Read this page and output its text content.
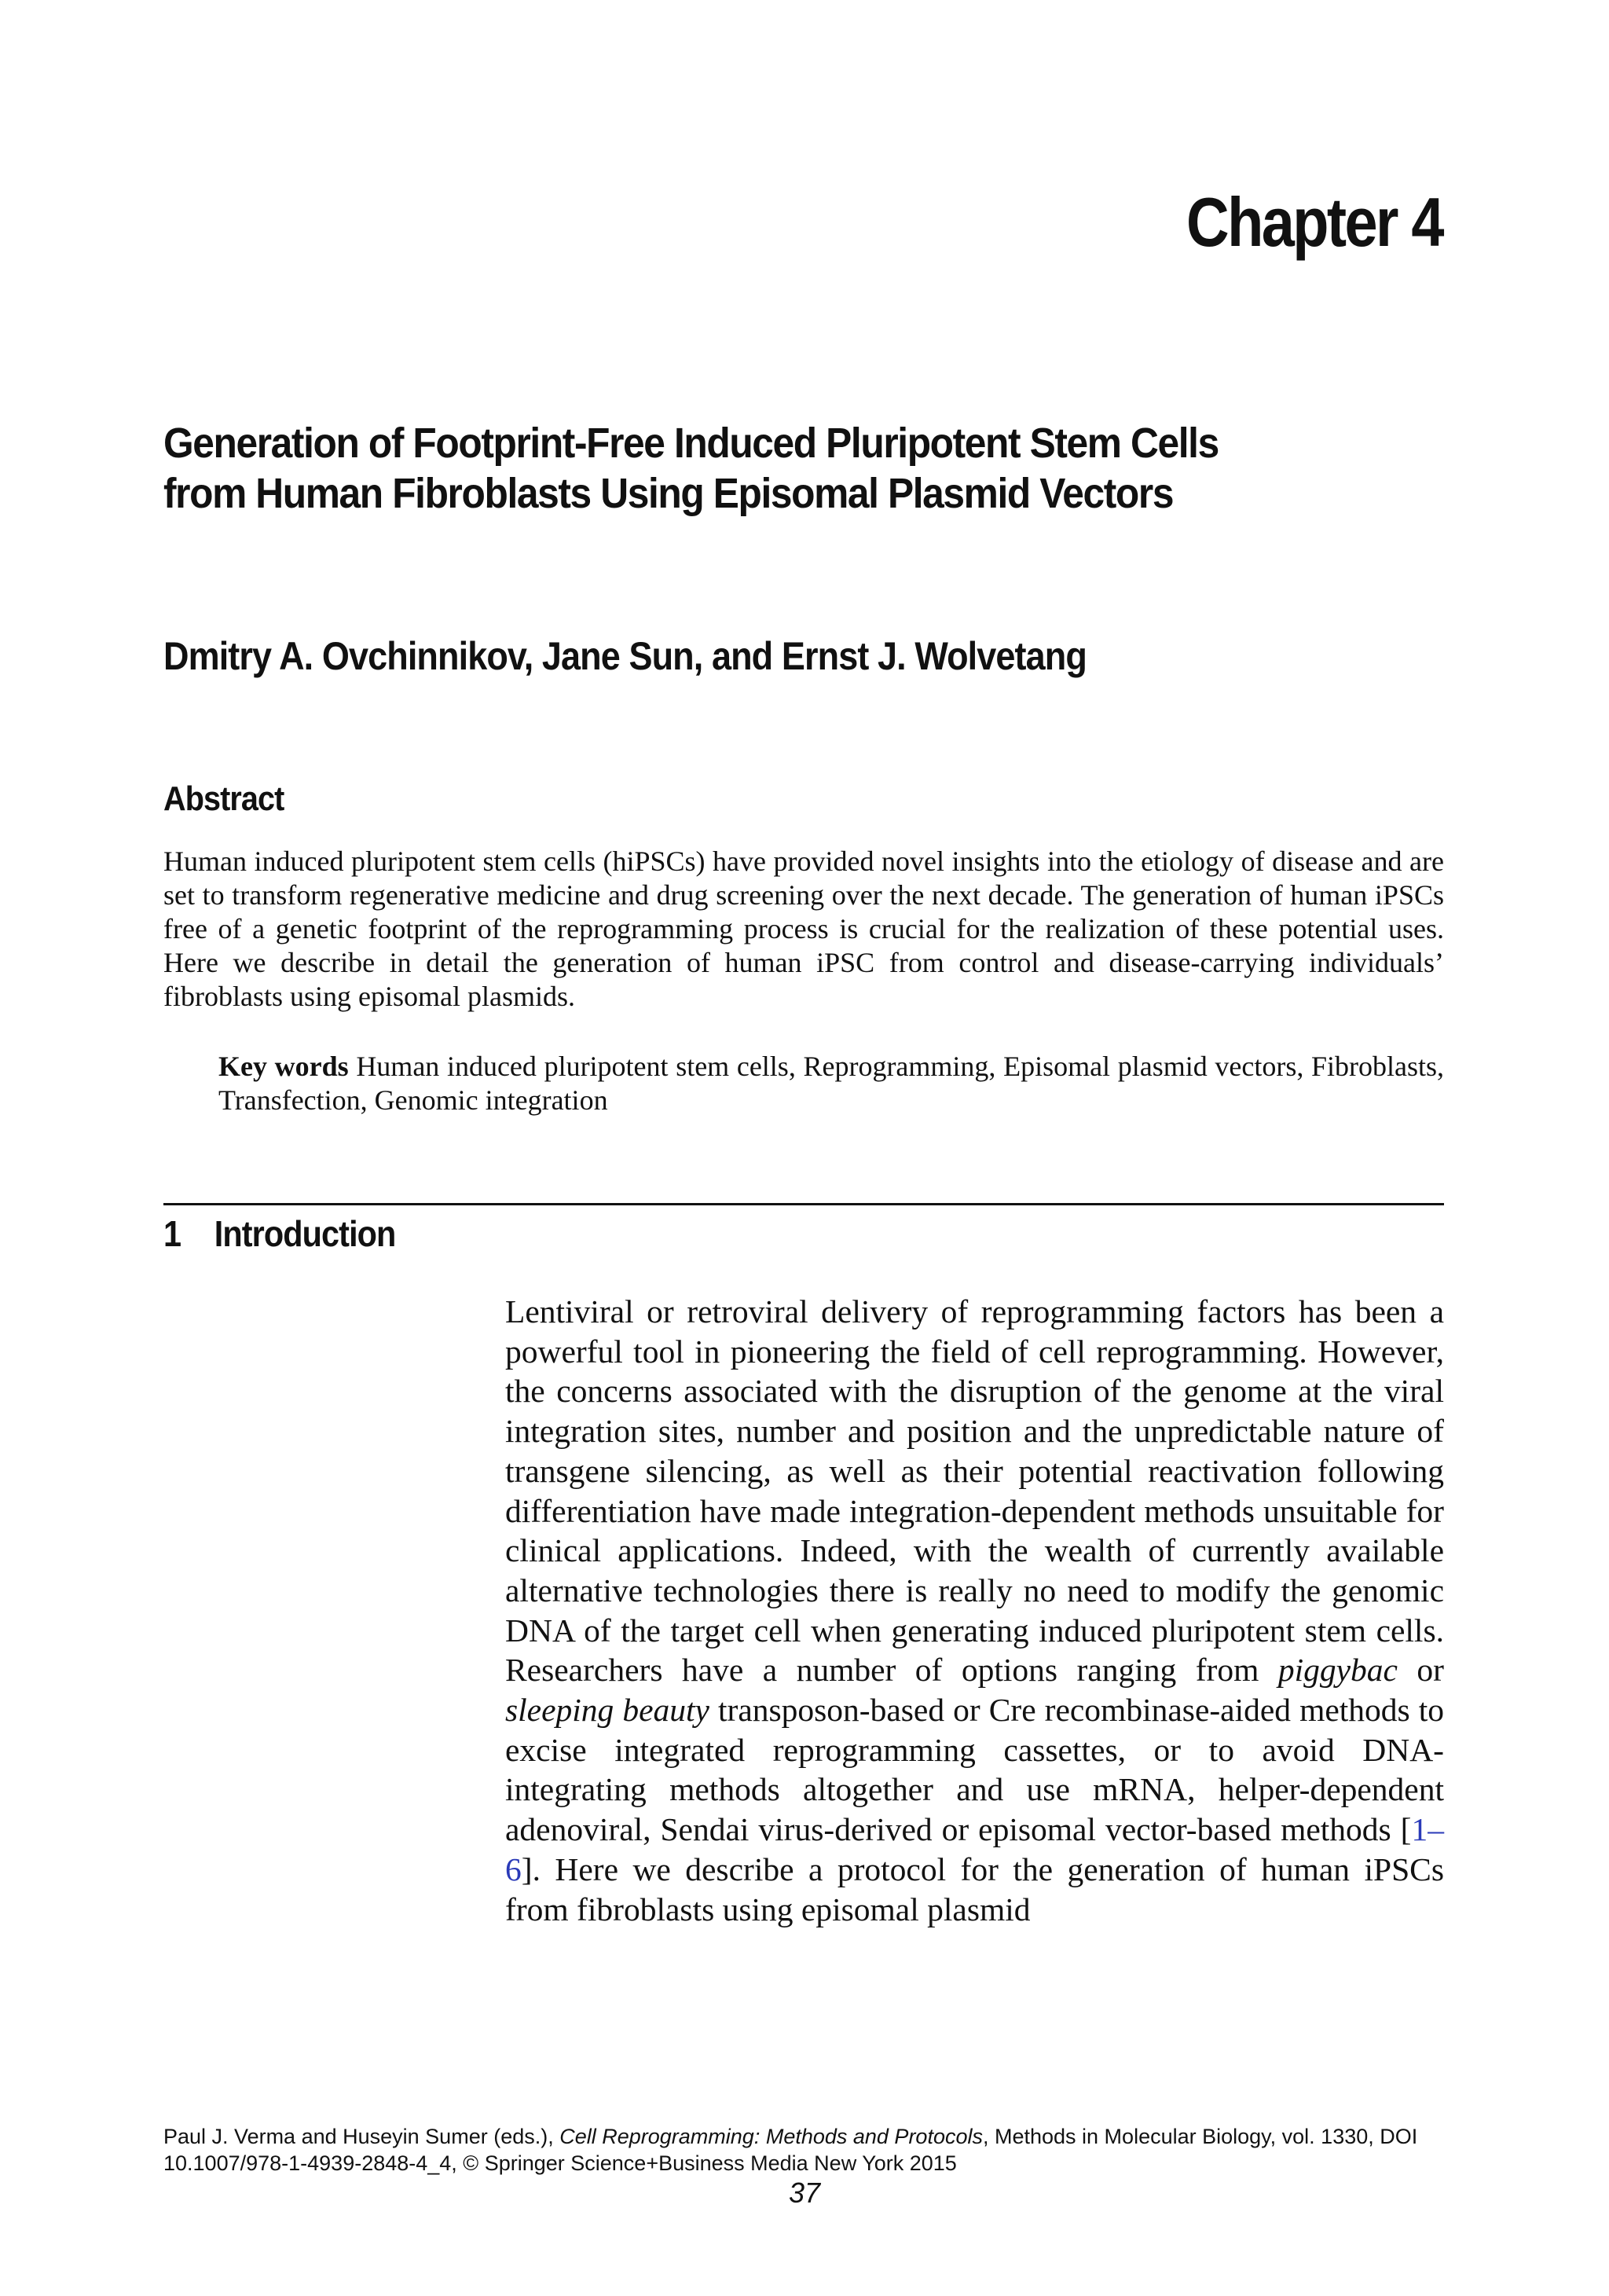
Chapter 4
Generation of Footprint-Free Induced Pluripotent Stem Cells from Human Fibroblasts Using Episomal Plasmid Vectors
Dmitry A. Ovchinnikov, Jane Sun, and Ernst J. Wolvetang
Abstract

Human induced pluripotent stem cells (hiPSCs) have provided novel insights into the etiology of disease and are set to transform regenerative medicine and drug screening over the next decade. The generation of human iPSCs free of a genetic footprint of the reprogramming process is crucial for the realization of these potential uses. Here we describe in detail the generation of human iPSC from control and disease-carrying individuals’ fibroblasts using episomal plasmids.

Key words Human induced pluripotent stem cells, Reprogramming, Episomal plasmid vectors, Fibroblasts, Transfection, Genomic integration

1 Introduction

Lentiviral or retroviral delivery of reprogramming factors has been a powerful tool in pioneering the field of cell reprogramming. However, the concerns associated with the disruption of the genome at the viral integration sites, number and position and the unpredictable nature of transgene silencing, as well as their potential reactivation following differentiation have made integration-dependent methods unsuitable for clinical applications. Indeed, with the wealth of currently available alternative technologies there is really no need to modify the genomic DNA of the target cell when generating induced pluripotent stem cells. Researchers have a number of options ranging from piggybac or sleeping beauty transposon-based or Cre recombinase-aided methods to excise integrated reprogramming cassettes, or to avoid DNA-integrating methods altogether and use mRNA, helper-dependent adenoviral, Sendai virus-derived or episomal vector-based methods [1–6]. Here we describe a protocol for the generation of human iPSCs from fibroblasts using episomal plasmid

Paul J. Verma and Huseyin Sumer (eds.), Cell Reprogramming: Methods and Protocols, Methods in Molecular Biology, vol. 1330, DOI 10.1007/978-1-4939-2848-4_4, © Springer Science+Business Media New York 2015

37
